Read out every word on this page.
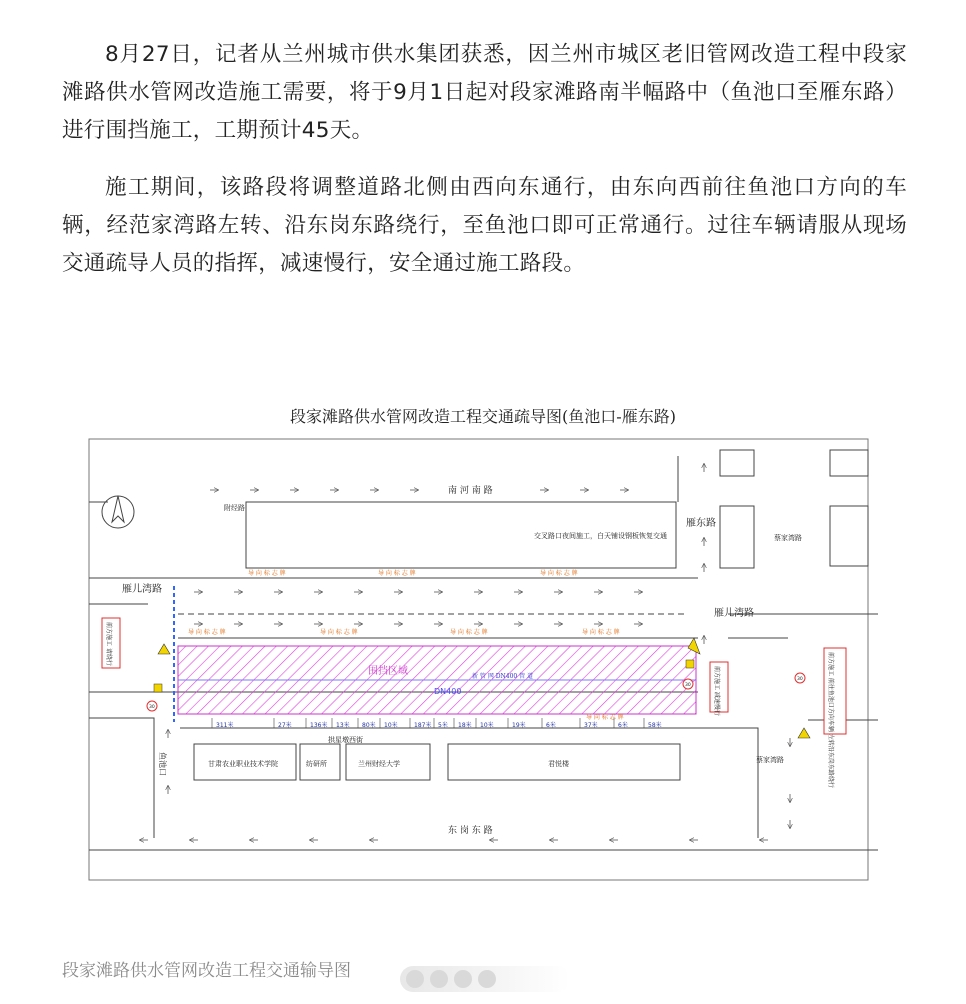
8月27日，记者从兰州城市供水集团获悉，因兰州市城区老旧管网改造工程中段家滩路供水管网改造施工需要，将于9月1日起对段家滩路南半幅路中（鱼池口至雁东路）进行围挡施工，工期预计45天。

施工期间，该路段将调整道路北侧由西向东通行，由东向西前往鱼池口方向的车辆，经范家湾路左转、沿东岗东路绕行，至鱼池口即可正常通行。过往车辆请服从现场交通疏导人员的指挥，减速慢行，安全通过施工路段。

段家滩路供水管网改造工程交通疏导图(鱼池口-雁东路)
导 向 标 志 牌	导 向 标 志 牌	导 向 标 志 牌
导 向 标 志 牌	导 向 标 志 牌	导 向 标 志 牌	导 向 标 志 牌
导 向 标 志 牌
南 河 南 路
东 岗 东 路
雁东路
雁儿湾路
雁儿湾路
蔡家湾路
蔡家湾路
附经路
交叉路口夜间施工，白天铺设钢板恢复交通
围挡区域
DN400
新 管 网 DN400 管 道
拱星墩西街
甘肃农业职业技术学院	纺研所	兰州财经大学	君悦楼
鱼池口
311米	27米	136米 13米 80米 10米	187米 5米 18米 10米	19米	6米	37米	6米	58米
前方施工 请绕行
前方施工 减速慢行	前方施工 前往鱼池口方向车辆 左转沿东岗东路绕行
30
30
30
段家滩路供水管网改造工程交通输导图
